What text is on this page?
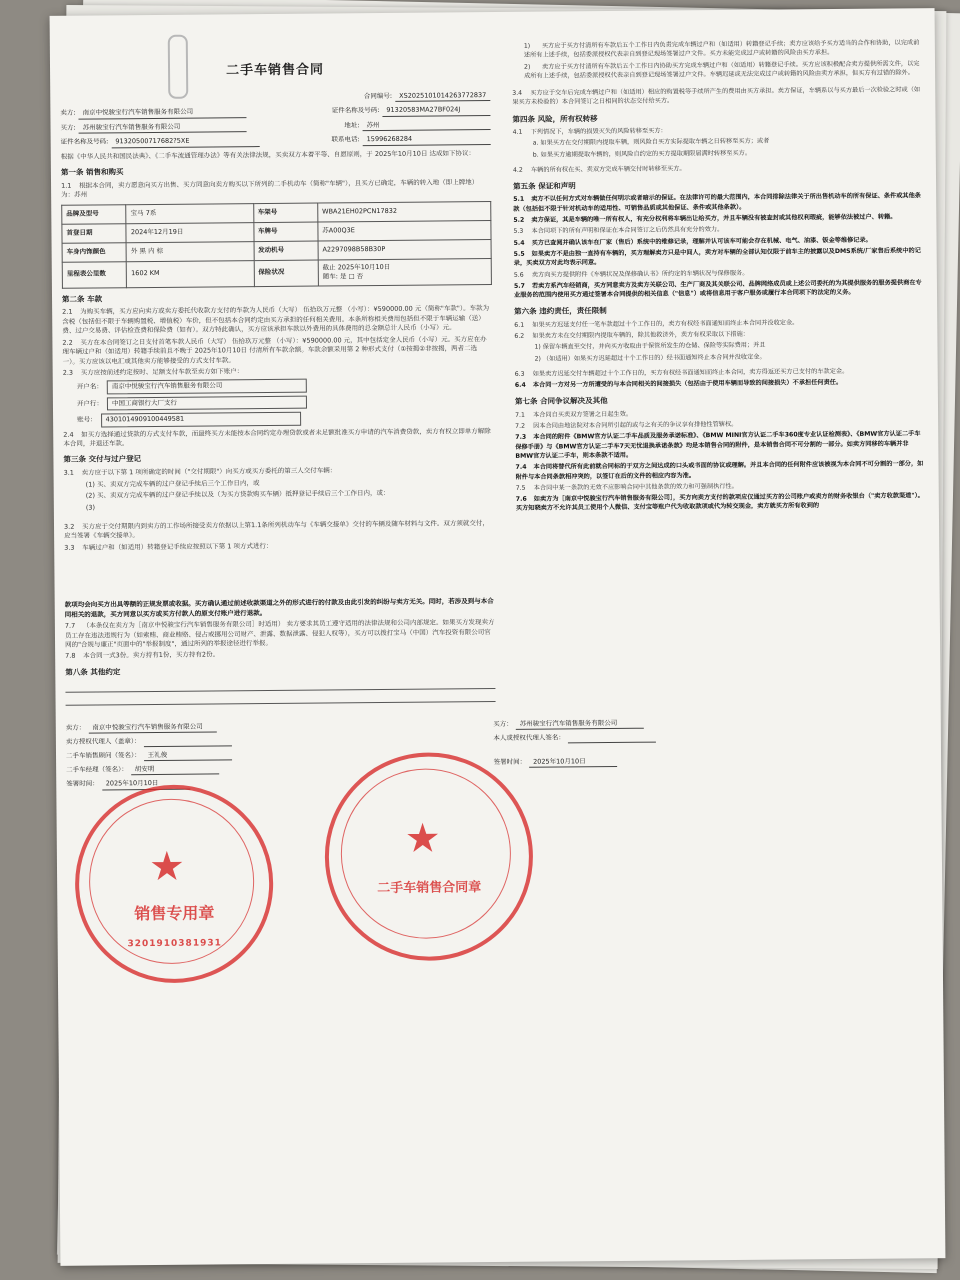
二手车销售合同
合同编号:	XS2025101014263772837
卖方:	南京中悦骏宝行汽车销售服务有限公司	证件名称及号码:	91320583MA27BF024J
买方:	苏州骏宝行汽车销售服务有限公司	地址:	苏州
证件名称及号码:	91320500717682?5XE	联系电话:	15996268284
根据《中华人民共和国民法典》、《二手车流通管理办法》等有关法律法规，买卖双方本着平等、自愿原则，于 2025年10月10日 达成如下协议：
第一条 销售和购买
1.1 根据本合同，卖方愿意向买方出售、买方同意向卖方购买以下所列的二手机动车（简称"车辆"），且买方已确定，车辆的转入地（即上牌地）为：苏州
品牌及型号	宝马 7系	车架号	WBA21EH02PCN17832
首登日期	2024年12月19日	车牌号	苏A00Q3E
车身内饰颜色	外 黑 内 棕	发动机号	A2297098B58B30P
里程表公里数	1602 KM	保险状况	截止 2025年10月10日
随车: 是 □ 否
第二条 车款
2.1 为购买车辆，买方应向卖方或卖方委托代收款方支付的车款为人民币（大写） 伍拾玖万元整 （小写）：¥590000.00 元（简称"车款"）。车款为含税（包括但不限于车辆购置税、增值税）车价，但不包括本合同约定由买方承担的任何相关费用。本条所称相关费用包括但不限于车辆运输（送）费、过户交易费、评估检查费和保险费（如有）。双方特此确认，买方应该承担车款以外费用的具体费用的总金额总计人民币（小写）元。
2.2 买方在本合同签订之日支付首笔车款人民币（大写） 伍拾玖万元整 （小写）：¥590000.00 元，其中包括定金人民币（小写）元。买方应在办理车辆过户和（如适用）转籍手续前且不晚于 2025年10月10日 付清所有车款余额。车款余额采用第 2 种形式支付（①按揭②非按揭，两者二选一）。买方应该以电汇或其他卖方能够接受的方式支付车款。
2.3 买方应按前述约定按时、足额支付车款至卖方如下账户：
开户名： 南京中悦骏宝行汽车销售服务有限公司
开户行： 中国工商银行大厂支行
账号： 4301014909100449581
2.4 如买方选择通过贷款的方式支付车款，而最终买方未能按本合同约定办理贷款或者未足额批准买方申请的汽车消费贷款，卖方有权立即单方解除本合同，并退还车款。
第三条 交付与过户登记
3.1 卖方应于以下第 1 项所确定的时间（"交付期限"）向买方或买方委托的第三人交付车辆：
(1) 买、卖双方完成车辆的过户登记手续后三个工作日内，或
(2) 买、卖双方完成车辆的过户登记手续以及（为买方贷款购买车辆）抵押登记手续后三个工作日内，或：
(3)
3.2 买方应于交付期限内到卖方的工作场所接受卖方依据以上第1.1条所列机动车与《车辆交接单》交付的车辆及随车材料与文件。双方须就交付，应当签署《车辆交接单》。
3.3 车辆过户和（如适用）转籍登记手续应按照以下第 1 项方式进行：
款项均会向买方出具等额的正规发票或收据。买方确认通过前述收款渠道之外的形式进行的付款及由此引发的纠纷与卖方无关。同时，若涉及到与本合同相关的退款，买方同意以买方或买方付款人的原支付账户进行退款。
7.7 （本条仅在卖方为［南京中悦骏宝行汽车销售服务有限公司］时适用） 卖方要求其员工遵守适用的法律法规和公司内部规定。如果买方发现卖方员工存在违法违规行为（如索贿、商业贿赂、侵占或挪用公司财产、泄露、数据泄露、侵犯人权等），买方可以拨打宝马（中国）汽车投资有限公司官网的"合规与廉正"页面中的"举报制度"，通过所列的举报途径进行举报。
7.8 本合同一式3份。卖方持有1份，买方持有2份。
第八条 其他约定
卖方：	南京中悦骏宝行汽车销售服务有限公司
卖方授权代理人（盖章）：
二手车销售顾问（签名）：	王礼俊
二手车经理（签名）：	胡安明
签署时间：	2025年10月10日
买方：	苏州骏宝行汽车销售服务有限公司
本人或授权代理人签名：
签署时间：	2025年10月10日
1) 买方应于买方付清所有车款后五个工作日内负责完成车辆过户和（如适用）转籍登记手续；卖方应该给予买方适当的合作和协助，以完成前述所有上述手续，包括委派授权代表亲自到登记现场签署过户文件。买方未能完成过户或转籍的风险由买方承担。
2) 卖方应于买方付清所有车款后五个工作日内协助买方完成车辆过户和（如适用）转籍登记手续。买方应该积极配合卖方提供所需文件，以完成所有上述手续，包括委派授权代表亲自到登记现场签署过户文件。车辆迟延或无法完成过户或转籍的风险由卖方承担，但买方有过错的除外。
3.4 买方应于交车后完成车辆过户和（如适用）相应的购置税等手续所产生的费用由买方承担。卖方保证，车辆系以与买方最后一次检验之时或（如果买方未检验的）本合同签订之日相同的状态交付给买方。
第四条 风险，所有权转移
4.1 下列情况下，车辆的损毁灭失的风险转移至买方：
a. 如果买方在交付期限内提取车辆，则风险自买方实际提取车辆之日转移至买方；或者
b. 如果买方逾期提取车辆的，则风险自约定的买方提取期限届满时转移至买方。
4.2 车辆的所有权在买、卖双方完成车辆交付时转移至买方。
第五条 保证和声明
5.1 卖方不以任何方式对车辆做任何明示或者暗示的保证。在法律许可的最大范围内，本合同排除法律关于所出售机动车的所有保证、条件或其他条款（包括但不限于针对机动车的适用性、可销售品质或其他保证、条件或其他条款）。
5.2 卖方保证，其是车辆的唯一所有权人，有充分权利将车辆出让给买方，并且车辆没有被查封或其他权利瑕疵，能够依法被过户、转籍。
5.3 本合同项下的所有声明和保证在本合同签订之后仍然具有充分的效力。
5.4 买方已查阅并确认该车在厂家（售后）系统中的维修记录，理解并认可该车可能会存在机械、电气、油漆、钣金等维修记录。
5.5 如果卖方不是由独一直持有车辆的，买方理解卖方只是中间人，卖方对车辆的全部认知仅限于前车主的披露以及DMS系统/厂家售后系统中的记录，买卖双方对此均表示同意。
5.6 卖方向买方提供附件《车辆状况及保修确认书》所约定的车辆状况与保修服务。
5.7 若卖方系汽车经销商，买方同意卖方及卖方关联公司、生产厂商及其关联公司、品牌网络成员或上述公司委托的为其提供服务的服务提供商在专业服务的范围内使用买方通过签署本合同提供的相关信息（"信息"）或将信息用于客户服务或履行本合同项下的法定的义务。
第六条 违约责任，责任限制
6.1 如果买方迟延支付任一笔车款超过十个工作日的，卖方有权经书面通知而终止本合同并没收定金。
6.2 如果卖方未在交付期限内提取车辆的，除其他救济外，卖方有权采取以下措施：
1) 保留车辆直至交付，并向买方收取由于保管所发生的仓储、保险等实际费用；并且
2) （如适用）如果买方迟延超过十个工作日的）经书面通知终止本合同并没收定金。
6.3 如果卖方迟延交付车辆超过十个工作日的，买方有权经书面通知而终止本合同，卖方得返还买方已支付的车款定金。
6.4 本合同一方对另一方所遭受的与本合同相关的间接损失（包括由于使用车辆而导致的间接损失）不承担任何责任。
第七条 合同争议解决及其他
7.1 本合同自买卖双方签署之日起生效。
7.2 因本合同由地法院对本合同所引起的或与之有关的争议享有排他性管辖权。
7.3 本合同的附件《BMW官方认证二手车品质及服务承诺标准》、《BMW MINI官方认证二手车360度专业认证检测表》、《BMW官方认证二手车保修手册》与《BMW官方认证二手车7天无忧退换承诺条款》均是本销售合同的附件，是本销售合同不可分割的一部分。如卖方同移的车辆并非BMW官方认证二手车，则本条款不适用。
7.4 本合同将替代所有此前就合同标的于双方之间达成的口头或书面的协议或理解。并且本合同的任何附件应该被视为本合同不可分割的一部分，如附件与本合同条款相冲突的，以签订在后的文件的相应内容为准。
7.5 本合同中某一条款的无效不应影响合同中其他条款的效力和可强制执行性。
7.6 如卖方为［南京中悦骏宝行汽车销售服务有限公司］，买方向卖方支付的款项应仅通过买方的公司账户或卖方的财务收银台（"卖方收款渠道"）。买方知晓卖方不允许其员工使用个人微信、支付宝等账户代为收取款项或代为转交现金，卖方就买方所有收到的
★
销售专用章
3201910381931
★
二手车销售合同章
